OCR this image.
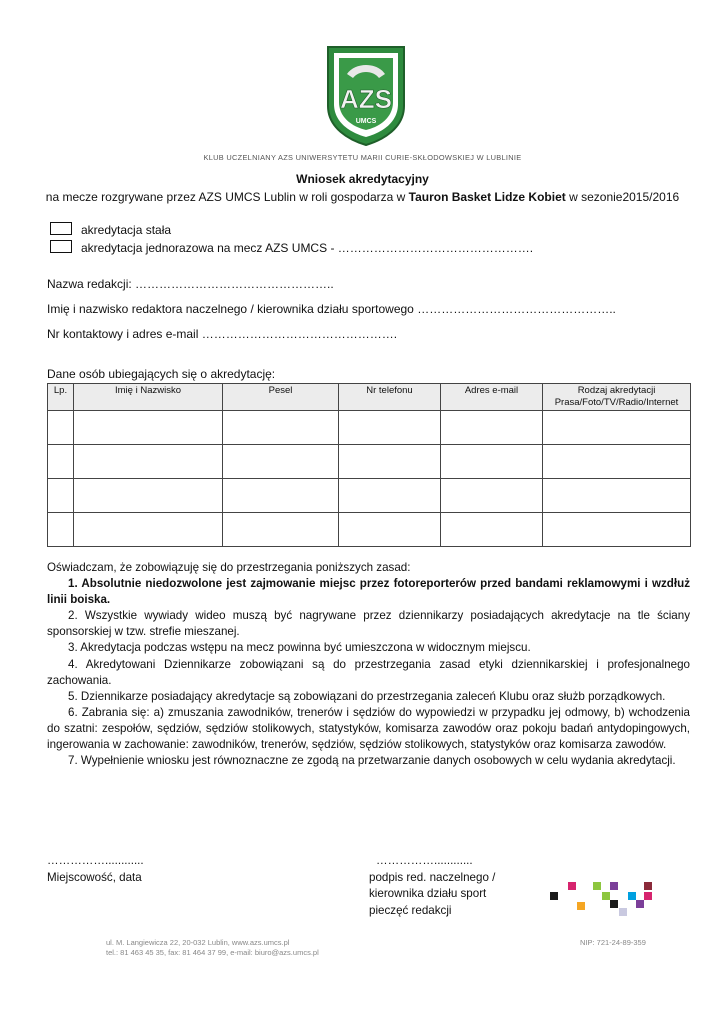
AZS
UMCS
KLUB UCZELNIANY AZS UNIWERSYTETU MARII CURIE-SKŁODOWSKIEJ W LUBLINIE
Wniosek akredytacyjny
na mecze rozgrywane przez AZS UMCS Lublin w roli gospodarza w Tauron Basket Lidze Kobiet w sezonie2015/2016
akredytacja stała
akredytacja jednorazowa na mecz AZS UMCS - ………………………………………….
Nazwa redakcji: …………………………………………..
Imię i nazwisko redaktora naczelnego / kierownika działu sportowego …………………………………………..
Nr kontaktowy i adres e-mail ………………………………………….
Dane osób ubiegających się o akredytację:
Lp.	Imię i Nazwisko	Pesel	Nr telefonu	Adres e-mail	Rodzaj akredytacji Prasa/Foto/TV/Radio/Internet

Oświadczam, że zobowiązuję się do przestrzegania poniższych zasad:

1. Absolutnie niedozwolone jest zajmowanie miejsc przez fotoreporterów przed bandami reklamowymi i wzdłuż linii boiska.

2. Wszystkie wywiady wideo muszą być nagrywane przez dziennikarzy posiadających akredytacje na tle ściany sponsorskiej w tzw. strefie mieszanej.

3. Akredytacja podczas wstępu na mecz powinna być umieszczona w widocznym miejscu.

4. Akredytowani Dziennikarze zobowiązani są do przestrzegania zasad etyki dziennikarskiej i profesjonalnego zachowania.

5. Dziennikarze posiadający akredytacje są zobowiązani do przestrzegania zaleceń Klubu oraz służb porządkowych.

6. Zabrania się: a) zmuszania zawodników, trenerów i sędziów do wypowiedzi w przypadku jej odmowy, b) wchodzenia do szatni: zespołów, sędziów, sędziów stolikowych, statystyków, komisarza zawodów oraz pokoju badań antydopingowych, ingerowania w zachowanie: zawodników, trenerów, sędziów, sędziów stolikowych, statystyków oraz komisarza zawodów.

7. Wypełnienie wniosku jest równoznaczne ze zgodą na przetwarzanie danych osobowych w celu wydania akredytacji.

……………............
Miejscowość, data
……………............
podpis red. naczelnego /
kierownika działu sport
pieczęć redakcji
ul. M. Langiewicza 22, 20-032 Lublin, www.azs.umcs.pl
tel.: 81 463 45 35, fax: 81 464 37 99, e-mail: biuro@azs.umcs.pl
NIP: 721-24-89-359
